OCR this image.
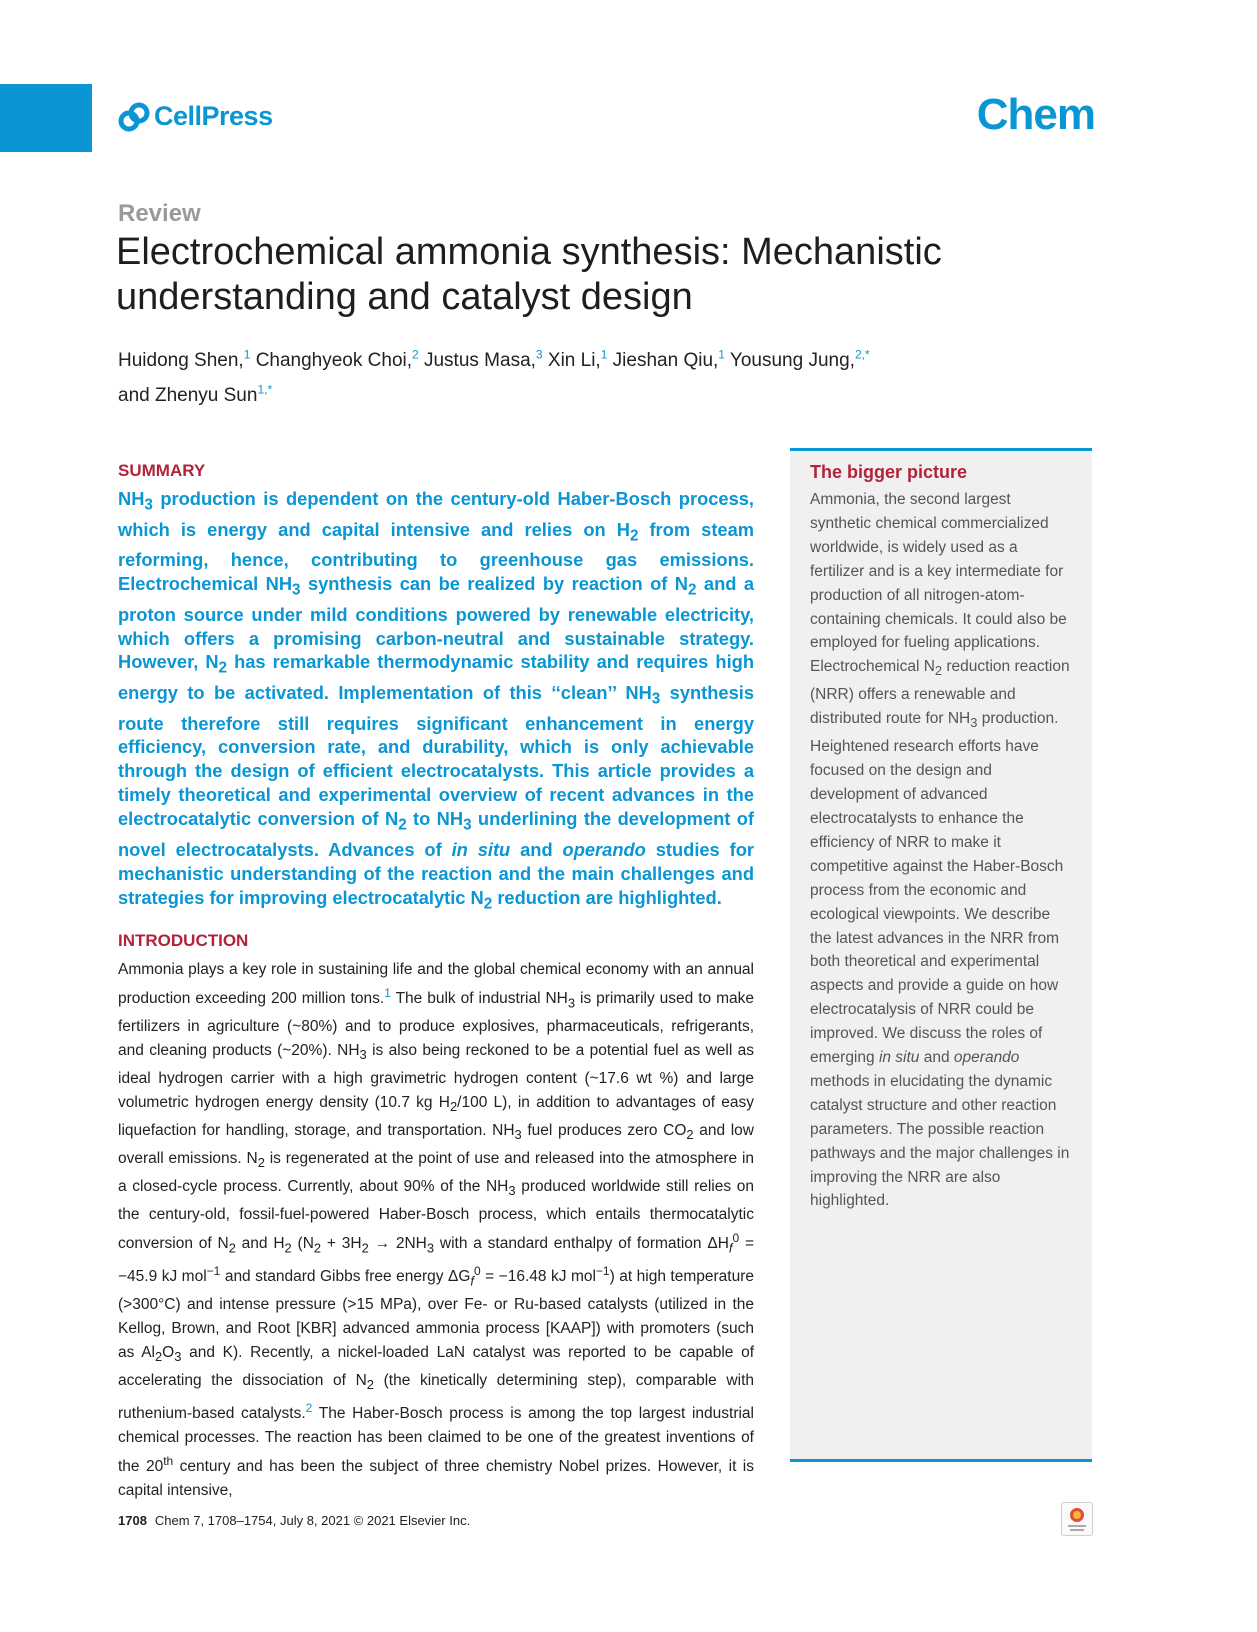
CellPress	Chem
Review
Electrochemical ammonia synthesis: Mechanistic understanding and catalyst design
Huidong Shen,$^1$ Changhyeok Choi,$^2$ Justus Masa,$^3$ Xin Li,$^1$ Jieshan Qiu,$^1$ Yousung Jung,$^{2,*}$
and Zhenyu Sun$^{1,*}$
SUMMARY
$NH_3$ production is dependent on the century-old Haber-Bosch process, which is energy and capital intensive and relies on $H_2$ from steam reforming, hence, contributing to greenhouse gas emissions. Electrochemical $NH_3$ synthesis can be realized by reaction of $N_2$ and a proton source under mild conditions powered by renewable electricity, which offers a promising carbon-neutral and sustainable strategy. However, $N_2$ has remarkable thermodynamic stability and requires high energy to be activated. Implementation of this ‘‘clean’’ $NH_3$ synthesis route therefore still requires significant enhancement in energy efficiency, conversion rate, and durability, which is only achievable through the design of efficient electrocatalysts. This article provides a timely theoretical and experimental overview of recent advances in the electrocatalytic conversion of $N_2$ to $NH_3$ underlining the development of novel electrocatalysts. Advances of in situ and operando studies for mechanistic understanding of the reaction and the main challenges and strategies for improving electrocatalytic $N_2$ reduction are highlighted.
INTRODUCTION
Ammonia plays a key role in sustaining life and the global chemical economy with an annual production exceeding 200 million tons.$^1$ The bulk of industrial $NH_3$ is primarily used to make fertilizers in agriculture (~80%) and to produce explosives, pharmaceuticals, refrigerants, and cleaning products (~20%). $NH_3$ is also being reckoned to be a potential fuel as well as ideal hydrogen carrier with a high gravimetric hydrogen content (~17.6 wt %) and large volumetric hydrogen energy density (10.7 kg $H_2/100$ L), in addition to advantages of easy liquefaction for handling, storage, and transportation. $NH_3$ fuel produces zero $CO_2$ and low overall emissions. $N_2$ is regenerated at the point of use and released into the atmosphere in a closed-cycle process. Currently, about 90% of the $NH_3$ produced worldwide still relies on the century-old, fossil-fuel-powered Haber-Bosch process, which entails thermocatalytic conversion of $N_2$ and $H_2$ ($N_2 + 3H_2 \to 2NH_3$ with a standard enthalpy of formation $\Delta H_f^0 = -45.9$ kJ mol$^{-1}$ and standard Gibbs free energy $\Delta G_f^0 = -16.48$ kJ mol$^{-1}$) at high temperature (>300°C) and intense pressure (>15 MPa), over Fe- or Ru-based catalysts (utilized in the Kellog, Brown, and Root [KBR] advanced ammonia process [KAAP]) with promoters (such as $Al_2O_3$ and K). Recently, a nickel-loaded LaN catalyst was reported to be capable of accelerating the dissociation of $N_2$ (the kinetically determining step), comparable with ruthenium-based catalysts.$^2$ The Haber-Bosch process is among the top largest industrial chemical processes. The reaction has been claimed to be one of the greatest inventions of the 20th century and has been the subject of three chemistry Nobel prizes. However, it is capital intensive,
The bigger picture
Ammonia, the second largest synthetic chemical commercialized worldwide, is widely used as a fertilizer and is a key intermediate for production of all nitrogen-atom-containing chemicals. It could also be employed for fueling applications. Electrochemical $N_2$ reduction reaction (NRR) offers a renewable and distributed route for $NH_3$ production. Heightened research efforts have focused on the design and development of advanced electrocatalysts to enhance the efficiency of NRR to make it competitive against the Haber-Bosch process from the economic and ecological viewpoints. We describe the latest advances in the NRR from both theoretical and experimental aspects and provide a guide on how electrocatalysis of NRR could be improved. We discuss the roles of emerging in situ and operando methods in elucidating the dynamic catalyst structure and other reaction parameters. The possible reaction pathways and the major challenges in improving the NRR are also highlighted.
1708 Chem 7, 1708–1754, July 8, 2021 © 2021 Elsevier Inc.
